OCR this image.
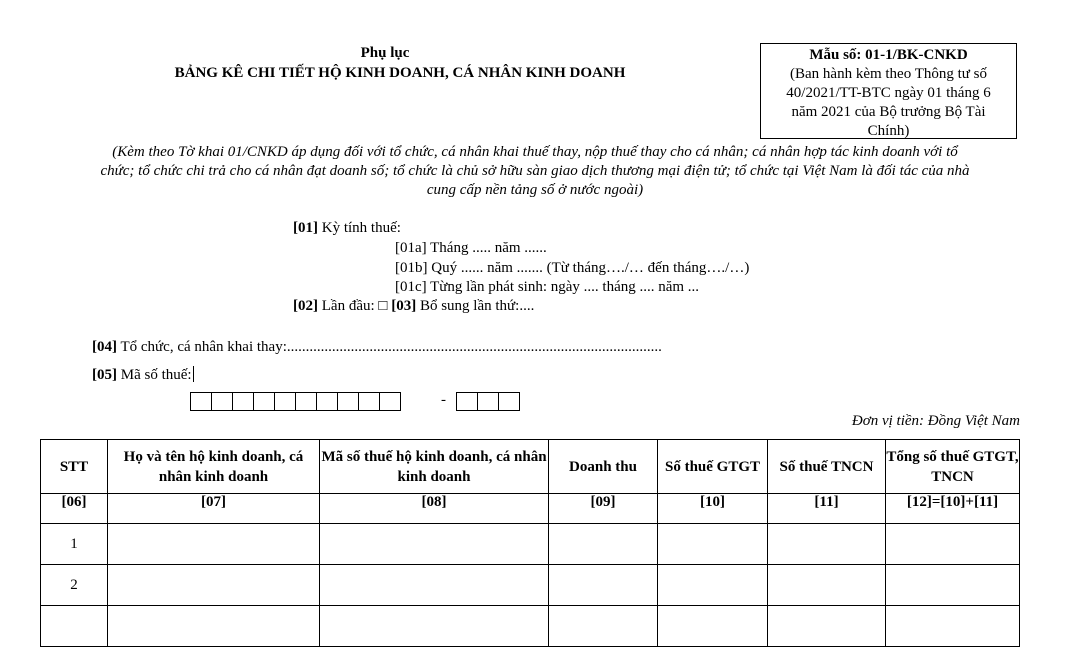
Phụ lục
BẢNG KÊ CHI TIẾT HỘ KINH DOANH, CÁ NHÂN KINH DOANH
Mẫu số: 01-1/BK-CNKD
(Ban hành kèm theo Thông tư số
40/2021/TT-BTC ngày 01 tháng 6
năm 2021 của Bộ trưởng Bộ Tài
Chính)
(Kèm theo Tờ khai 01/CNKD áp dụng đối với tổ chức, cá nhân khai thuế thay, nộp thuế thay cho cá nhân; cá nhân hợp tác kinh doanh với tổ
chức; tổ chức chi trả cho cá nhân đạt doanh số; tổ chức là chủ sở hữu sàn giao dịch thương mại điện tử; tổ chức tại Việt Nam là đối tác của nhà
cung cấp nền tảng số ở nước ngoài)
[01] Kỳ tính thuế:
[01a] Tháng ..... năm ......
[01b] Quý ...... năm ....... (Từ tháng…./… đến tháng…./…)
[01c] Từng lần phát sinh: ngày .... tháng .... năm ...
[02] Lần đầu: □ [03] Bổ sung lần thứ:....
[04] Tổ chức, cá nhân khai thay:....................................................................................................
[05] Mã số thuế:
-
Đơn vị tiền: Đồng Việt Nam
STT	Họ và tên hộ kinh doanh, cá nhân kinh doanh	Mã số thuế hộ kinh doanh, cá nhân kinh doanh	Doanh thu	Số thuế GTGT	Số thuế TNCN	Tổng số thuế GTGT, TNCN
[06]	[07]	[08]	[09]	[10]	[11]	[12]=[10]+[11]
1						
2						
